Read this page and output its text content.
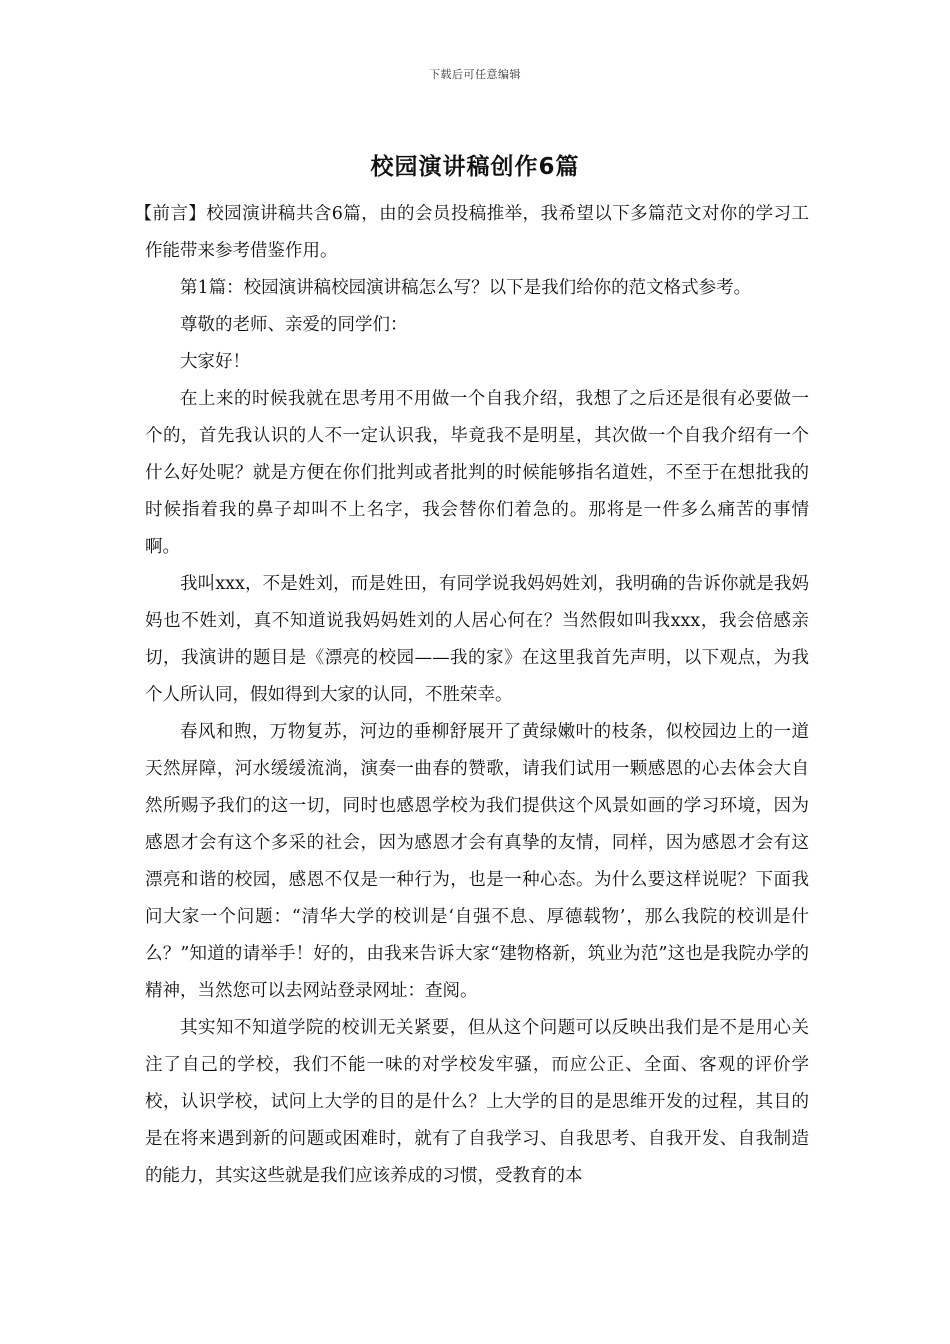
下载后可任意编辑
校园演讲稿创作6篇

【前言】校园演讲稿共含6篇，由的会员投稿推举，我希望以下多篇范文对你的学习工作能带来参考借鉴作用。

第1篇：校园演讲稿校园演讲稿怎么写？以下是我们给你的范文格式参考。

尊敬的老师、亲爱的同学们：

大家好！

在上来的时候我就在思考用不用做一个自我介绍，我想了之后还是很有必要做一个的，首先我认识的人不一定认识我，毕竟我不是明星，其次做一个自我介绍有一个什么好处呢？就是方便在你们批判或者批判的时候能够指名道姓，不至于在想批我的时候指着我的鼻子却叫不上名字，我会替你们着急的。那将是一件多么痛苦的事情啊。

我叫xxx，不是姓刘，而是姓田，有同学说我妈妈姓刘，我明确的告诉你就是我妈妈也不姓刘，真不知道说我妈妈姓刘的人居心何在？当然假如叫我xxx，我会倍感亲切，我演讲的题目是《漂亮的校园——我的家》在这里我首先声明，以下观点，为我个人所认同，假如得到大家的认同，不胜荣幸。

春风和煦，万物复苏，河边的垂柳舒展开了黄绿嫩叶的枝条，似校园边上的一道天然屏障，河水缓缓流淌，演奏一曲春的赞歌，请我们试用一颗感恩的心去体会大自然所赐予我们的这一切，同时也感恩学校为我们提供这个风景如画的学习环境，因为感恩才会有这个多采的社会，因为感恩才会有真挚的友情，同样，因为感恩才会有这漂亮和谐的校园，感恩不仅是一种行为，也是一种心态。为什么要这样说呢？下面我问大家一个问题：“清华大学的校训是‘自强不息、厚德载物’，那么我院的校训是什么？”知道的请举手！好的，由我来告诉大家“建物格新，筑业为范”这也是我院办学的精神，当然您可以去网站登录网址：查阅。

其实知不知道学院的校训无关紧要，但从这个问题可以反映出我们是不是用心关注了自己的学校，我们不能一味的对学校发牢骚，而应公正、全面、客观的评价学校，认识学校，试问上大学的目的是什么？上大学的目的是思维开发的过程，其目的是在将来遇到新的问题或困难时，就有了自我学习、自我思考、自我开发、自我制造的能力，其实这些就是我们应该养成的习惯，受教育的本
